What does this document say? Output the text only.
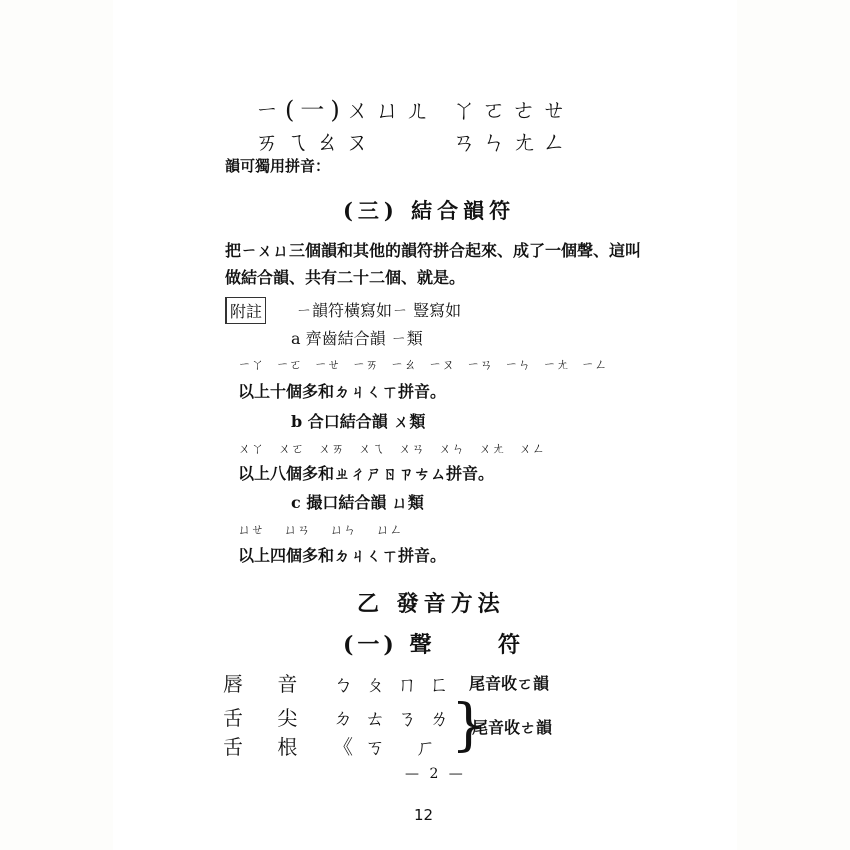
ㄧ(一)ㄨㄩㄦ ㄚㄛㄜㄝ
ㄞㄟㄠㄡ	ㄢㄣㄤㄥ
韻可獨用拼音：
(三) 結合韻符
把ㄧㄨㄩ三個韻和其他的韻符拼合起來、成了一個聲、這叫
做結合韻、共有二十二個、就是。
附註 ㄧ韻符橫寫如ㄧ 豎寫如
a 齊齒結合韻 ㄧ類
ㄧㄚ ㄧㄛ ㄧㄝ ㄧㄞ ㄧㄠ ㄧㄡ ㄧㄢ ㄧㄣ ㄧㄤ ㄧㄥ
以上十個多和ㄉㄐㄑㄒ拼音。
b 合口結合韻 ㄨ類
ㄨㄚ ㄨㄛ ㄨㄞ ㄨㄟ ㄨㄢ ㄨㄣ ㄨㄤ ㄨㄥ
以上八個多和ㄓㄔㄕㄖㄗㄘㄙ拼音。
c 撮口結合韻 ㄩ類
ㄩㄝ ㄩㄢ ㄩㄣ ㄩㄥ
以上四個多和ㄉㄐㄑㄒ拼音。
乙 發音方法
(一) 聲	符
唇 音 ㄅㄆㄇㄈ 尾音收ㄛ韻
舌 尖 ㄉㄊㄋㄌ
舌 根 《ㄎ ㄏ }
尾音收ㄜ韻
— 2 —
12
